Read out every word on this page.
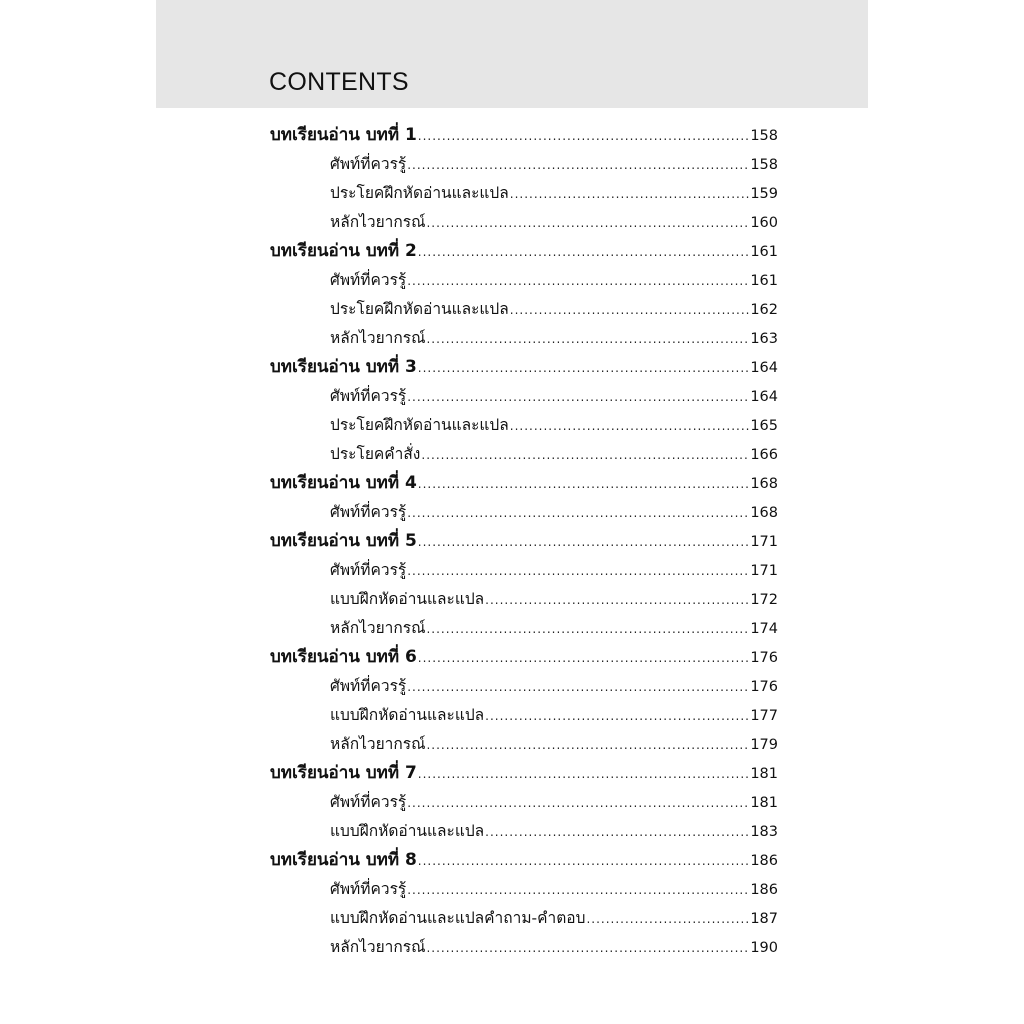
CONTENTS
บทเรียนอ่าน บทที่ 1 .....	158
ศัพท์ที่ควรรู้ .....	158
ประโยคฝึกหัดอ่านและแปล .....	159
หลักไวยากรณ์ .....	160
บทเรียนอ่าน บทที่ 2 .....	161
ศัพท์ที่ควรรู้ .....	161
ประโยคฝึกหัดอ่านและแปล .....	162
หลักไวยากรณ์ .....	163
บทเรียนอ่าน บทที่ 3 .....	164
ศัพท์ที่ควรรู้ .....	164
ประโยคฝึกหัดอ่านและแปล .....	165
ประโยคคำสั่ง .....	166
บทเรียนอ่าน บทที่ 4 .....	168
ศัพท์ที่ควรรู้ .....	168
บทเรียนอ่าน บทที่ 5 .....	171
ศัพท์ที่ควรรู้ .....	171
แบบฝึกหัดอ่านและแปล .....	172
หลักไวยากรณ์ .....	174
บทเรียนอ่าน บทที่ 6 .....	176
ศัพท์ที่ควรรู้ .....	176
แบบฝึกหัดอ่านและแปล .....	177
หลักไวยากรณ์ .....	179
บทเรียนอ่าน บทที่ 7 .....	181
ศัพท์ที่ควรรู้ .....	181
แบบฝึกหัดอ่านและแปล .....	183
บทเรียนอ่าน บทที่ 8 .....	186
ศัพท์ที่ควรรู้ .....	186
แบบฝึกหัดอ่านและแปลคำถาม-คำตอบ .....	187
หลักไวยากรณ์ .....	190
